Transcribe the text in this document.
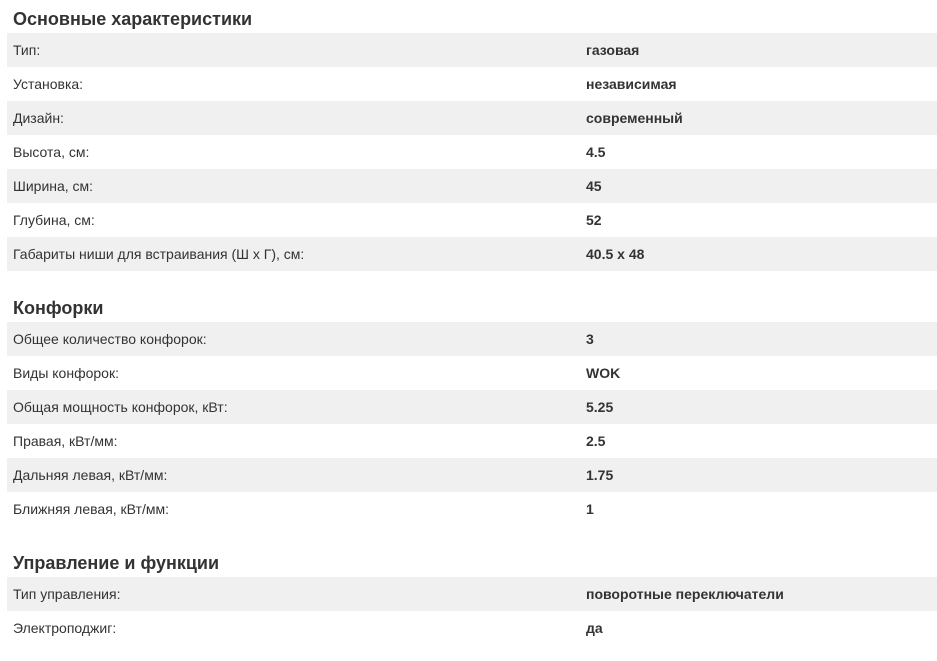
Основные характеристики
Тип:	газовая
Установка:	независимая
Дизайн:	современный
Высота, см:	4.5
Ширина, см:	45
Глубина, см:	52
Габариты ниши для встраивания (Ш х Г), см:	40.5 x 48
Конфорки
Общее количество конфорок:	3
Виды конфорок:	WOK
Общая мощность конфорок, кВт:	5.25
Правая, кВт/мм:	2.5
Дальняя левая, кВт/мм:	1.75
Ближняя левая, кВт/мм:	1
Управление и функции
Тип управления:	поворотные переключатели
Электроподжиг:	да
